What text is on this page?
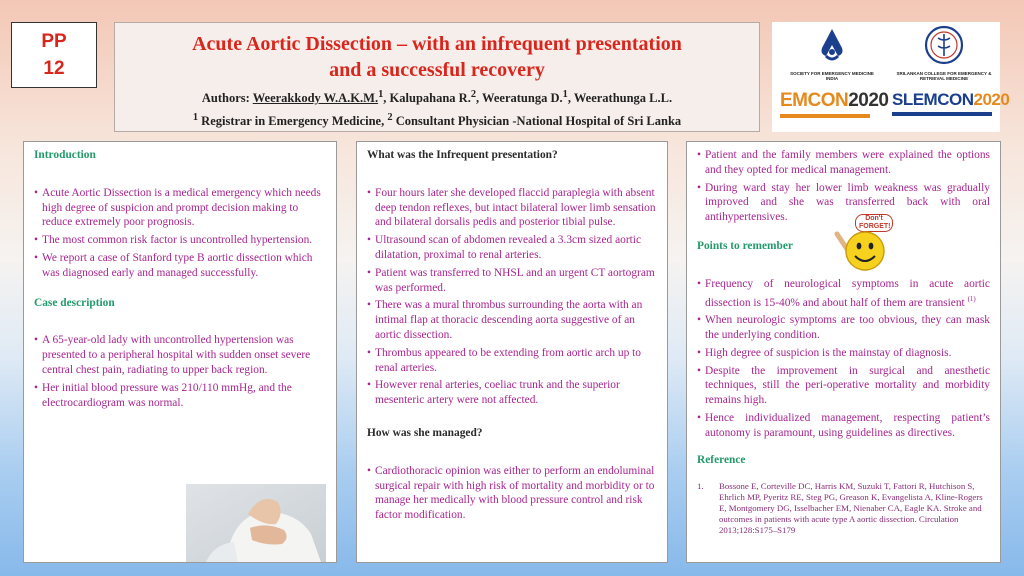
PP
12
Acute Aortic Dissection – with an infrequent presentation
and a successful recovery
Authors: Weerakkody W.A.K.M.$^1$, Kalupahana R.$^2$, Weeratunga D.$^1$, Weerathunga L.L.
$^1$ Registrar in Emergency Medicine, $^2$ Consultant Physician -National Hospital of Sri Lanka
SOCIETY FOR EMERGENCY MEDICINE INDIA
SRILANKAN COLLEGE FOR EMERGENCY & RETRIEVAL MEDICINE
EMCON2020 SLEMCON2020
Introduction
• Acute Aortic Dissection is a medical emergency which needs high degree of suspicion and prompt decision making to reduce extremely poor prognosis.
• The most common risk factor is uncontrolled hypertension.
• We report a case of Stanford type B aortic dissection which was diagnosed early and managed successfully.
Case description
• A 65-year-old lady with uncontrolled hypertension was presented to a peripheral hospital with sudden onset severe central chest pain, radiating to upper back region.
• Her initial blood pressure was 210/110 mmHg, and the electrocardiogram was normal.
What was the Infrequent presentation?
• Four hours later she developed flaccid paraplegia with absent deep tendon reflexes, but intact bilateral lower limb sensation and bilateral dorsalis pedis and posterior tibial pulse.
• Ultrasound scan of abdomen revealed a 3.3cm sized aortic dilatation, proximal to renal arteries.
• Patient was transferred to NHSL and an urgent CT aortogram was performed.
• There was a mural thrombus surrounding the aorta with an intimal flap at thoracic descending aorta suggestive of an aortic dissection.
• Thrombus appeared to be extending from aortic arch up to renal arteries.
• However renal arteries, coeliac trunk and the superior mesenteric artery were not affected.
How was she managed?
• Cardiothoracic opinion was either to perform an endoluminal surgical repair with high risk of mortality and morbidity or to manage her medically with blood pressure control and risk factor modification.
• Patient and the family members were explained the options and they opted for medical management.
• During ward stay her lower limb weakness was gradually improved and she was transferred back with oral antihypertensives.
Points to remember
Don't FORGET!
• Frequency of neurological symptoms in acute aortic dissection is 15-40% and about half of them are transient $^{(1)}$
• When neurologic symptoms are too obvious, they can mask the underlying condition.
• High degree of suspicion is the mainstay of diagnosis.
• Despite the improvement in surgical and anesthetic techniques, still the peri-operative mortality and morbidity remains high.
• Hence individualized management, respecting patient’s autonomy is paramount, using guidelines as directives.
Reference
1. Bossone E, Corteville DC, Harris KM, Suzuki T, Fattori R, Hutchison S, Ehrlich MP, Pyeritz RE, Steg PG, Greason K, Evangelista A, Kline-Rogers E, Montgomery DG, Isselbacher EM, Nienaber CA, Eagle KA. Stroke and outcomes in patients with acute type A aortic dissection. Circulation 2013;128:S175–S179
